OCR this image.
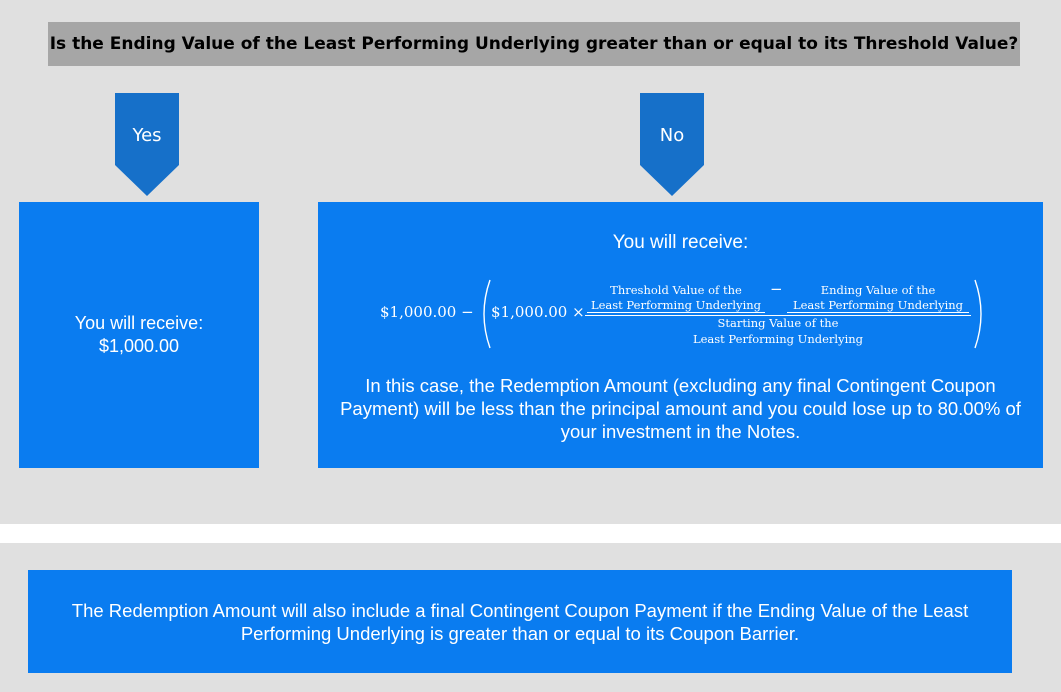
Is the Ending Value of the Least Performing Underlying greater than or equal to its Threshold Value?
Yes	No
You will receive:
$1,000.00
You will receive:
$1,000.00 − $1,000.00 ×
Threshold Value of the
Least Performing Underlying
−	Ending Value of the
Least Performing Underlying
Starting Value of the
Least Performing Underlying
In this case, the Redemption Amount (excluding any final Contingent Coupon Payment) will be less than the principal amount and you could lose up to 80.00% of your investment in the Notes.
The Redemption Amount will also include a final Contingent Coupon Payment if the Ending Value of the Least Performing Underlying is greater than or equal to its Coupon Barrier.
